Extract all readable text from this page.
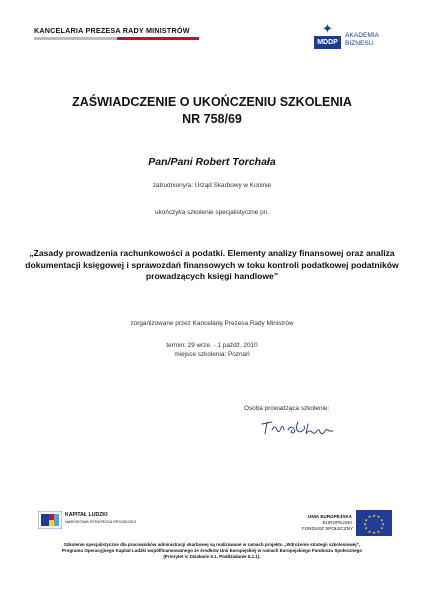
KANCELARIA PREZESA RADY MINISTRÓW	✦
MDDP
AKADEMIA
BIZNESU
ZAŚWIADCZENIE O UKOŃCZENIU SZKOLENIA
NR 758/69
Pan/Pani Robert Torchała
zatrudniony/a: Urząd Skarbowy w Koninie
ukończył/a szkolenie specjalistyczne pn.
„Zasady prowadzenia rachunkowości a podatki. Elementy analizy finansowej oraz analiza dokumentacji księgowej i sprawozdań finansowych w toku kontroli podatkowej podatników prowadzących księgi handlowe”
zorganizowane przez Kancelarię Prezesa Rady Ministrów
termin: 29 wrze. - 1 paźdź. 2010
miejsce szkolenia: Poznań
Osoba prowadząca szkolenie:
KAPITAŁ LUDZKI
NARODOWA STRATEGIA SPÓJNOŚCI
UNIA EUROPEJSKA
EUROPEJSKI
FUNDUSZ SPOŁECZNY
★ ★
★
★
★
★
★
★
★
★
★
★
Szkolenie specjalistyczne dla pracowników administracji skarbowej są realizowane w ramach projektu „Wdrożenie strategii szkoleniowej”,
Programu Operacyjnego Kapitał Ludzki współfinansowanego ze środków Unii Europejskiej w ramach Europejskiego Funduszu Społecznego
(Priorytet V, Działanie 5.1, Poddziałanie 5.1.1).
